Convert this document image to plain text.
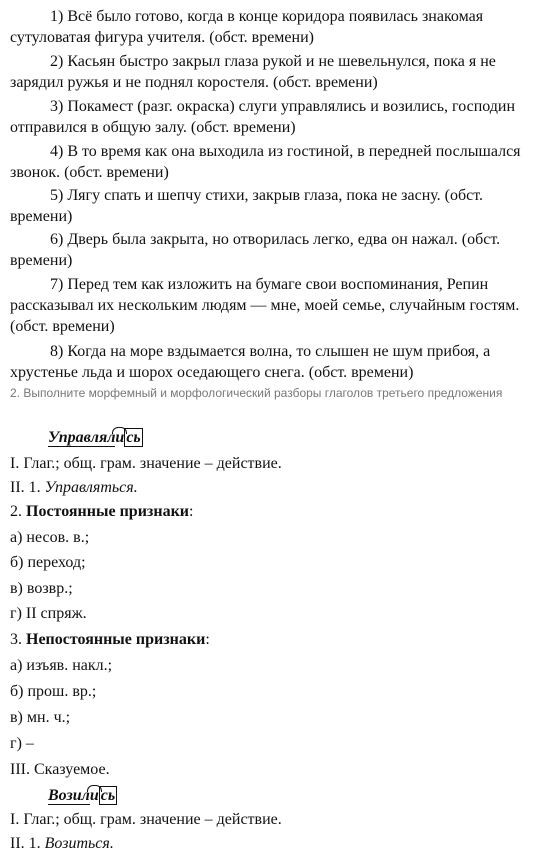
1) Всё было готово, когда в конце коридора появилась знакомая сутуловатая фигура учителя. (обст. времени)

2) Касьян быстро закрыл глаза рукой и не шевельнулся, пока я не зарядил ружья и не поднял коростеля. (обст. времени)

3) Покамест (разг. окраска) слуги управлялись и возились, господин отправился в общую залу. (обст. времени)

4) В то время как она выходила из гостиной, в передней послышался звонок. (обст. времени)

5) Лягу спать и шепчу стихи, закрыв глаза, пока не засну. (обст. времени)

6) Дверь была закрыта, но отворилась легко, едва он нажал. (обст. времени)

7) Перед тем как изложить на бумаге свои воспоминания, Репин рассказывал их нескольким людям — мне, моей семье, случайным гостям. (обст. времени)

8) Когда на море вздымается волна, то слышен не шум прибоя, а хрустенье льда и шорох оседающего снега. (обст. времени)

2. Выполните морфемный и морфологический разборы глаголов третьего предложения

Управляли сь

I. Глаг.; общ. грам. значение – действие.

II. 1. Управляться.

2. Постоянные признаки:

а) несов. в.;

б) переход;

в) возвр.;

г) II спряж.

3. Непостоянные признаки:

а) изъяв. накл.;

б) прош. вр.;

в) мн. ч.;

г) –

III. Сказуемое.

Возили сь

I. Глаг.; общ. грам. значение – действие.

II. 1. Возиться.
